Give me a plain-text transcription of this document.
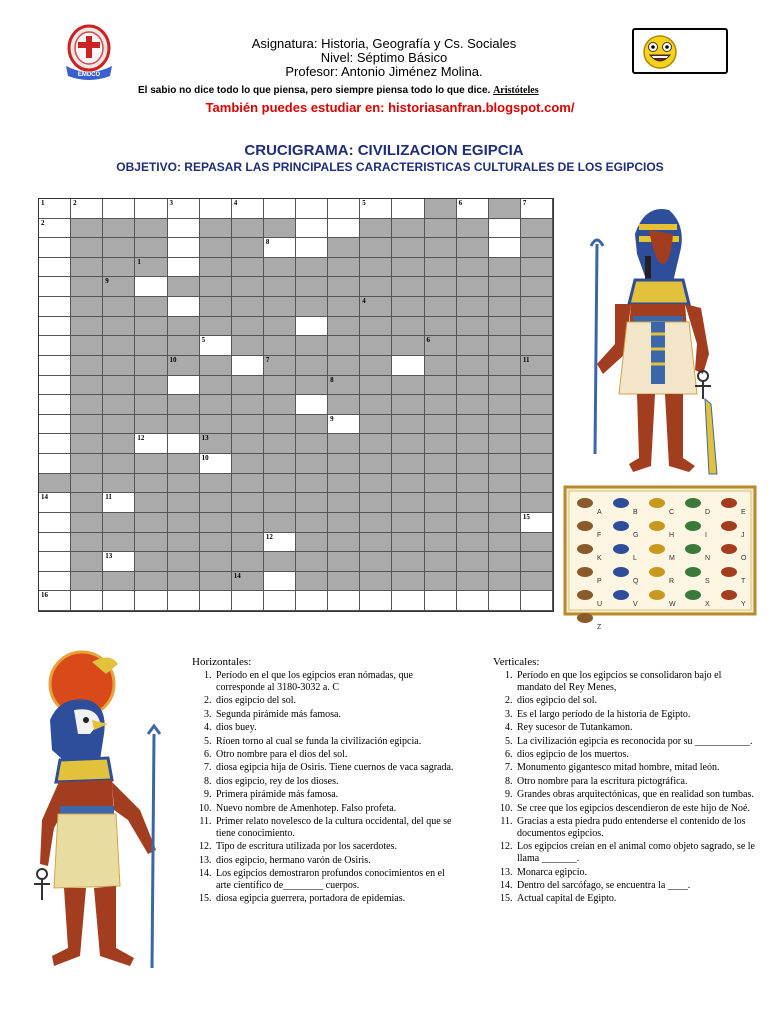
EMDCO
Asignatura: Historia, Geografía y Cs. Sociales
Nivel: Séptimo Básico
Profesor: Antonio Jiménez Molina.
El sabio no dice todo lo que piensa, pero siempre piensa todo lo que dice. Aristóteles
También puedes estudiar en: historiasanfran.blogspot.com/
CRUCIGRAMA: CIVILIZACION EGIPCIA
OBJETIVO: REPASAR LAS PRINCIPALES CARACTERISTICAS CULTURALES DE LOS EGIPCIOS
1	2	3	4	5	6	7
2
8
1
9
4
5	6
10	7	11
8
9
12	13
10
14	11
15
12
13
14
16
A	B	C	D	E
F	G	H	I	J
K	L	M	N	O
P	Q	R	S	T
U	V	W	X	Y
Z
Horizontales:
1. Período en el que los egipcios eran nómadas, que corresponde al 3180-3032 a. C
2. dios egipcio del sol.
3. Segunda pirámide más famosa.
4. dios buey.
5. Ríoen torno al cual se funda la civilización egipcia.
6. Otro nombre para el dios del sol.
7. diosa egipcia hija de Osiris. Tiene cuernos de vaca sagrada.
8. dios egipcio, rey de los dioses.
9. Primera pirámide más famosa.
10. Nuevo nombre de Amenhotep. Falso profeta.
11. Primer relato novelesco de la cultura occidental, del que se tiene conocimiento.
12. Tipo de escritura utilizada por los sacerdotes.
13. dios egipcio, hermano varón de Osiris.
14. Los egipcios demostraron profundos conocimientos en el arte científico de________ cuerpos.
15. diosa egipcia guerrera, portadora de epidemias.
Verticales:
1. Período en que los egipcios se consolidaron bajo el mandato del Rey Menes,
2. dios egipcio del sol.
3. Es el largo período de la historia de Egipto.
4. Rey sucesor de Tutankamon.
5. La civilización egipcia es reconocida por su ___________.
6. dios egipcio de los muertos.
7. Monumento gigantesco mitad hombre, mitad león.
8. Otro nombre para la escritura pictográfica.
9. Grandes obras arquitectónicas, que en realidad son tumbas.
10. Se cree que los egipcios descendieron de este hijo de Noé.
11. Gracias a esta piedra pudo entenderse el contenido de los documentos egipcios.
12. Los egipcios creían en el animal como objeto sagrado, se le llama _______.
13. Monarca egipcio.
14. Dentro del sarcófago, se encuentra la ____.
15. Actual capital de Egipto.
